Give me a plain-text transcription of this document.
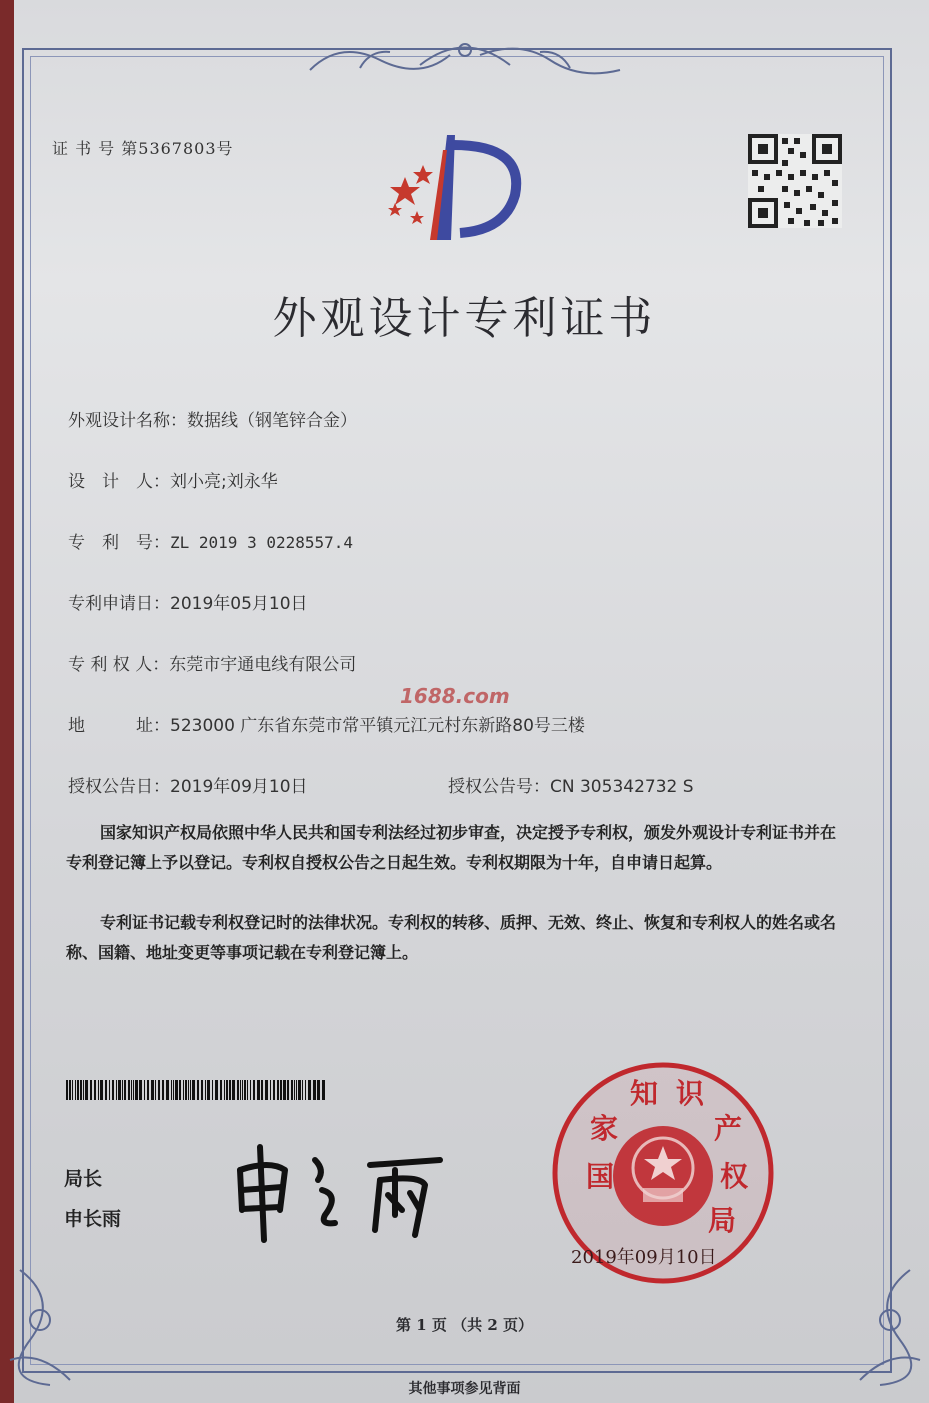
证 书 号 第5367803号
外观设计专利证书
外观设计名称：数据线（钢笔锌合金）
设　计　人：刘小亮;刘永华
专　利　号：ZL 2019 3 0228557.4
专利申请日：2019年05月10日
专 利 权 人：东莞市宇通电线有限公司
地　　　址：523000 广东省东莞市常平镇元江元村东新路80号三楼
授权公告日：2019年09月10日	授权公告号：CN 305342732 S
1688.com
国家知识产权局依照中华人民共和国专利法经过初步审查，决定授予专利权，颁发外观设计专利证书并在专利登记簿上予以登记。专利权自授权公告之日起生效。专利权期限为十年，自申请日起算。
专利证书记载专利权登记时的法律状况。专利权的转移、质押、无效、终止、恢复和专利权人的姓名或名称、国籍、地址变更等事项记载在专利登记簿上。
局长
申长雨
国
家
知 识
产
权
局
2019年09月10日
第 1 页 （共 2 页）
其他事项参见背面
